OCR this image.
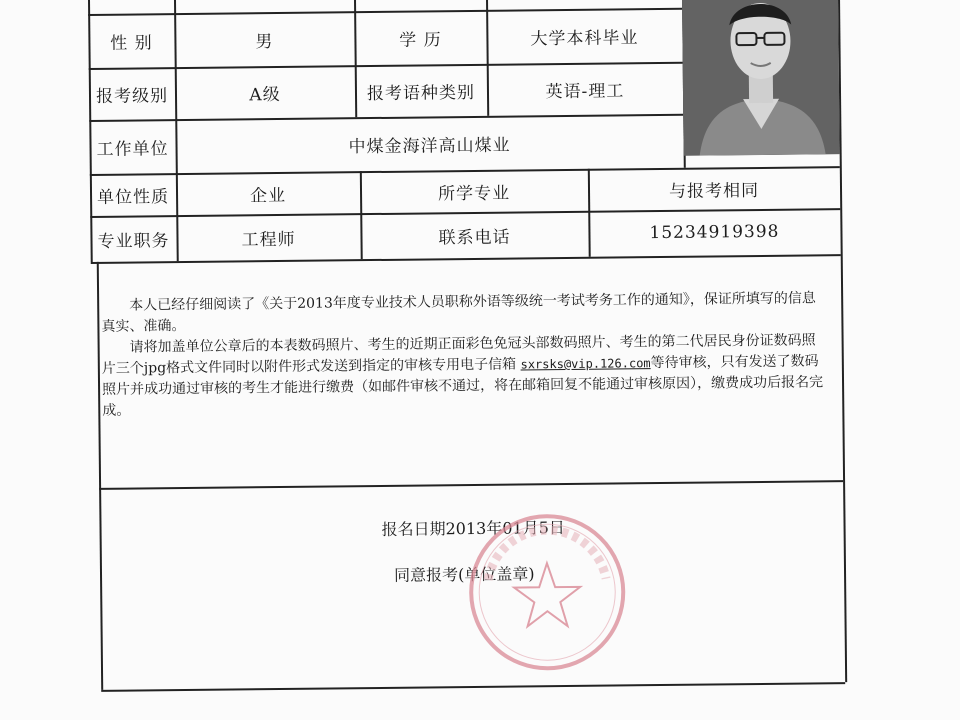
性 别	男	学 历	大学本科毕业
报考级别	A级	报考语种类别	英语-理工
工作单位	中煤金海洋高山煤业
单位性质	企业	所学专业	与报考相同
专业职务	工程师	联系电话	15234919398

本人已经仔细阅读了《关于2013年度专业技术人员职称外语等级统一考试考务工作的通知》，保证所填写的信息真实、准确。

请将加盖单位公章后的本表数码照片、考生的近期正面彩色免冠头部数码照片、考生的第二代居民身份证数码照片三个jpg格式文件同时以附件形式发送到指定的审核专用电子信箱 sxrsks@vip.126.com等待审核，只有发送了数码照片并成功通过审核的考生才能进行缴费（如邮件审核不通过，将在邮箱回复不能通过审核原因），缴费成功后报名完成。

报名日期2013年01月5日
同意报考(单位盖章)
